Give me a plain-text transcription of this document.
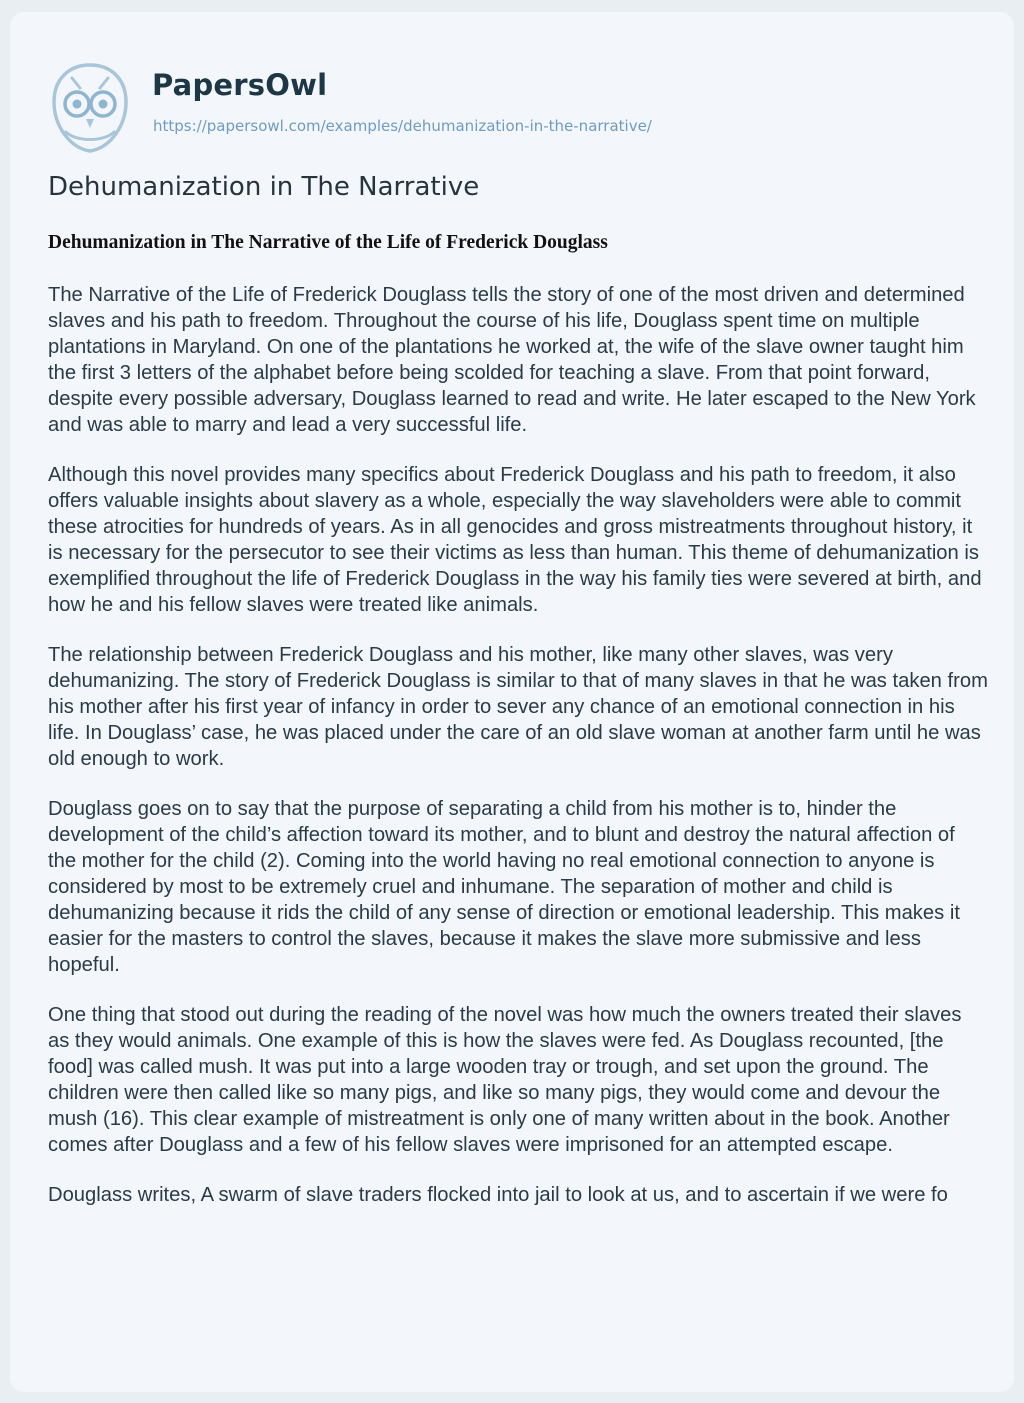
PapersOwl
https://papersowl.com/examples/dehumanization-in-the-narrative/
Dehumanization in The Narrative
Dehumanization in The Narrative of the Life of Frederick Douglass

The Narrative of the Life of Frederick Douglass tells the story of one of the most driven and determined slaves and his path to freedom. Throughout the course of his life, Douglass spent time on multiple plantations in Maryland. On one of the plantations he worked at, the wife of the slave owner taught him the first 3 letters of the alphabet before being scolded for teaching a slave. From that point forward, despite every possible adversary, Douglass learned to read and write. He later escaped to the New York and was able to marry and lead a very successful life.

Although this novel provides many specifics about Frederick Douglass and his path to freedom, it also offers valuable insights about slavery as a whole, especially the way slaveholders were able to commit these atrocities for hundreds of years. As in all genocides and gross mistreatments throughout history, it is necessary for the persecutor to see their victims as less than human. This theme of dehumanization is exemplified throughout the life of Frederick Douglass in the way his family ties were severed at birth, and how he and his fellow slaves were treated like animals.

The relationship between Frederick Douglass and his mother, like many other slaves, was very dehumanizing. The story of Frederick Douglass is similar to that of many slaves in that he was taken from his mother after his first year of infancy in order to sever any chance of an emotional connection in his life. In Douglass’ case, he was placed under the care of an old slave woman at another farm until he was old enough to work.

Douglass goes on to say that the purpose of separating a child from his mother is to, hinder the development of the child’s affection toward its mother, and to blunt and destroy the natural affection of the mother for the child (2). Coming into the world having no real emotional connection to anyone is considered by most to be extremely cruel and inhumane. The separation of mother and child is dehumanizing because it rids the child of any sense of direction or emotional leadership. This makes it easier for the masters to control the slaves, because it makes the slave more submissive and less hopeful.

One thing that stood out during the reading of the novel was how much the owners treated their slaves as they would animals. One example of this is how the slaves were fed. As Douglass recounted, [the food] was called mush. It was put into a large wooden tray or trough, and set upon the ground. The children were then called like so many pigs, and like so many pigs, they would come and devour the mush (16). This clear example of mistreatment is only one of many written about in the book. Another comes after Douglass and a few of his fellow slaves were imprisoned for an attempted escape.

Douglass writes, A swarm of slave traders flocked into jail to look at us, and to ascertain if we were fo
